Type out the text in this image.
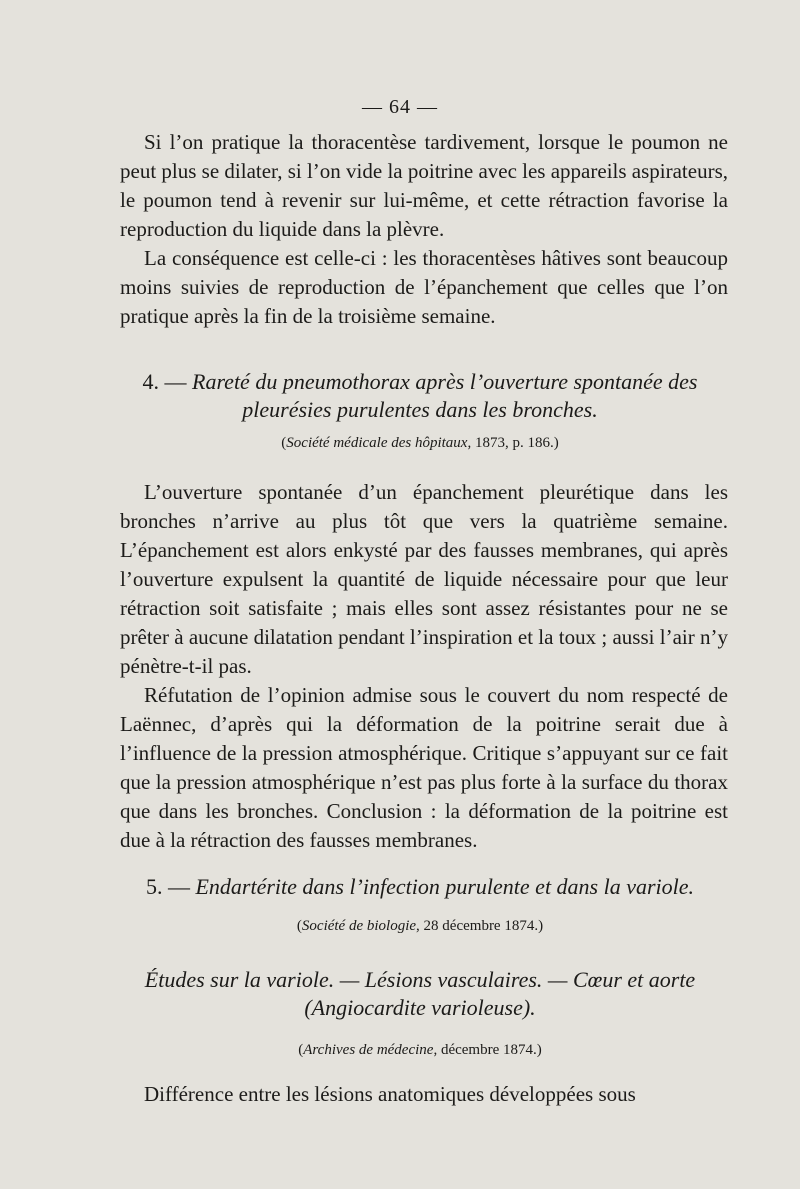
— 64 —

Si l’on pratique la thoracentèse tardivement, lorsque le poumon ne peut plus se dilater, si l’on vide la poitrine avec les appareils aspirateurs, le poumon tend à revenir sur lui-même, et cette rétraction favorise la reproduction du liquide dans la plèvre.

La conséquence est celle-ci : les thoracentèses hâtives sont beaucoup moins suivies de reproduction de l’épanchement que celles que l’on pratique après la fin de la troisième semaine.

4. — Rareté du pneumothorax après l’ouverture spontanée des
pleurésies purulentes dans les bronches.

(Société médicale des hôpitaux, 1873, p. 186.)

L’ouverture spontanée d’un épanchement pleurétique dans les bronches n’arrive au plus tôt que vers la quatrième semaine. L’épanchement est alors enkysté par des fausses membranes, qui après l’ouverture expulsent la quantité de liquide nécessaire pour que leur rétraction soit satisfaite ; mais elles sont assez résistantes pour ne se prêter à aucune dilatation pendant l’inspiration et la toux ; aussi l’air n’y pénètre-t-il pas.

Réfutation de l’opinion admise sous le couvert du nom respecté de Laënnec, d’après qui la déformation de la poitrine serait due à l’influence de la pression atmosphérique. Critique s’appuyant sur ce fait que la pression atmosphérique n’est pas plus forte à la surface du thorax que dans les bronches. Conclusion : la déformation de la poitrine est due à la rétraction des fausses membranes.

5. — Endartérite dans l’infection purulente et dans la variole.

(Société de biologie, 28 décembre 1874.)

Études sur la variole. — Lésions vasculaires. — Cœur et aorte
(Angiocardite varioleuse).

(Archives de médecine, décembre 1874.)

Différence entre les lésions anatomiques développées sous
